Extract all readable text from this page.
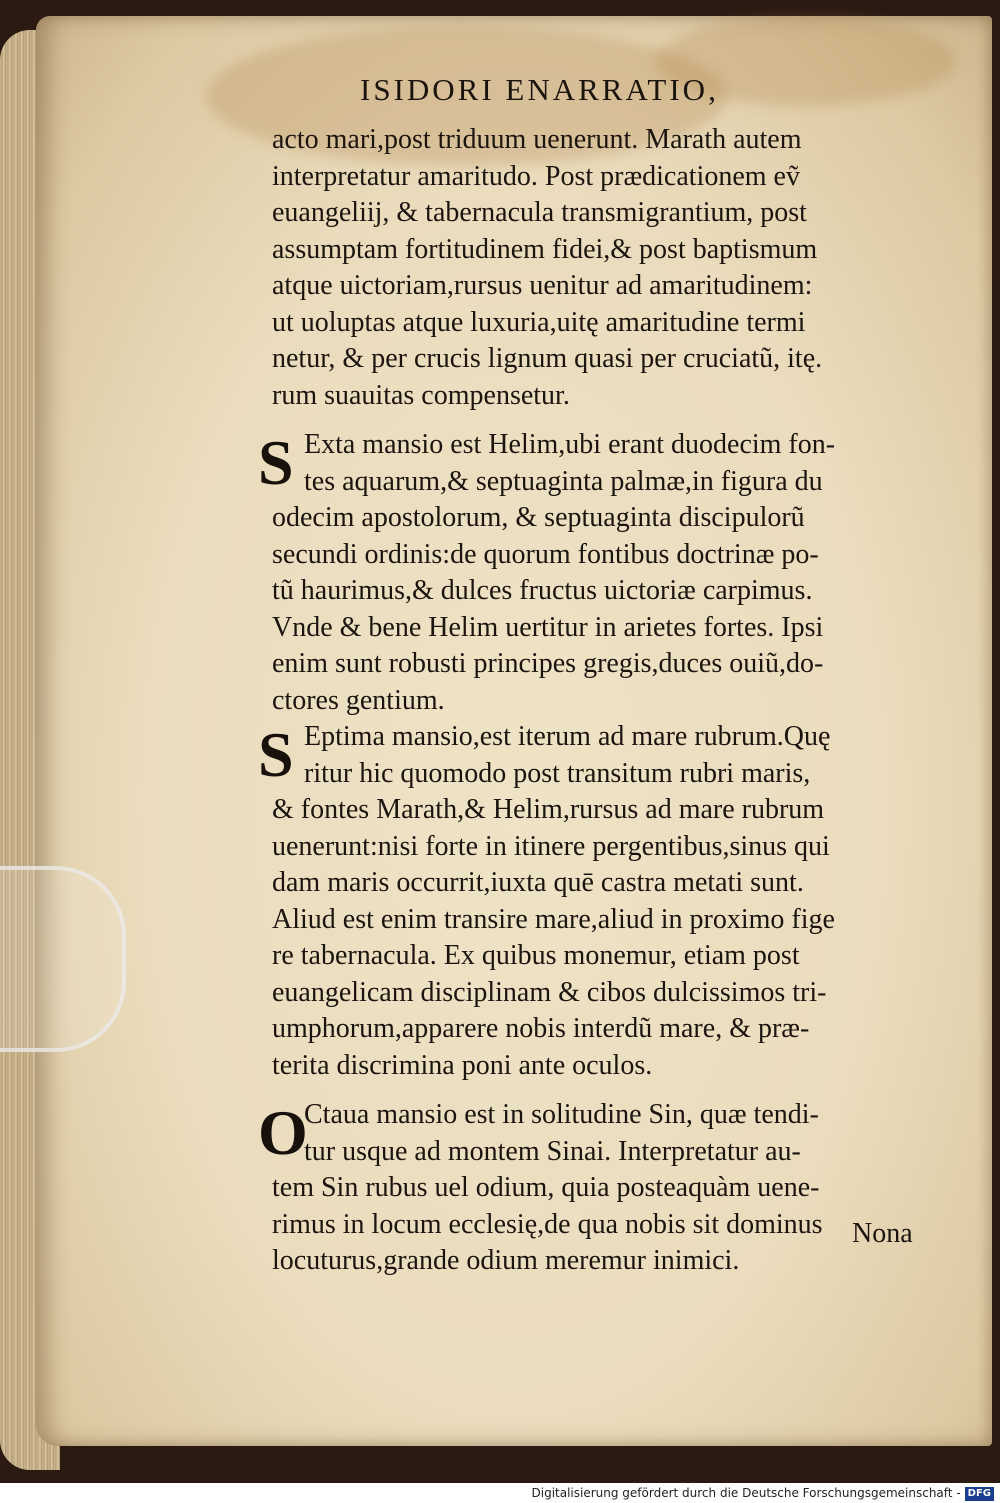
ISIDORI ENARRATIO,
acto mari,post triduum uenerunt. Marath autem
interpretatur amaritudo. Post prædicationem eṽ
euangeliij, & tabernacula transmigrantium, post
assumptam fortitudinem fidei,& post baptismum
atque uictoriam,rursus uenitur ad amaritudinem:
ut uoluptas atque luxuria,uitę amaritudine termi
netur, & per crucis lignum quasi per cruciatũ, itę.
rum suauitas compensetur.
S Exta mansio est Helim,ubi erant duodecim fon-
tes aquarum,& septuaginta palmæ,in figura du
odecim apostolorum, & septuaginta discipulorũ
secundi ordinis:de quorum fontibus doctrinæ po-
tũ haurimus,& dulces fructus uictoriæ carpimus.
Vnde & bene Helim uertitur in arietes fortes. Ipsi
enim sunt robusti principes gregis,duces ouiũ,do-
ctores gentium.
S Eptima mansio,est iterum ad mare rubrum.Quę
ritur hic quomodo post transitum rubri maris,
& fontes Marath,& Helim,rursus ad mare rubrum
uenerunt:nisi forte in itinere pergentibus,sinus qui
dam maris occurrit,iuxta quē castra metati sunt.
Aliud est enim transire mare,aliud in proximo fige
re tabernacula. Ex quibus monemur, etiam post
euangelicam disciplinam & cibos dulcissimos tri-
umphorum,apparere nobis interdũ mare, & præ-
terita discrimina poni ante oculos.
O
Ctaua mansio est in solitudine Sin, quæ tendi-
tur usque ad montem Sinai. Interpretatur au-
tem Sin rubus uel odium, quia posteaquàm uene-
rimus in locum ecclesię,de qua nobis sit dominus
locuturus,grande odium meremur inimici.
Nona
Digitalisierung gefördert durch die Deutsche Forschungsgemeinschaft - DFG
